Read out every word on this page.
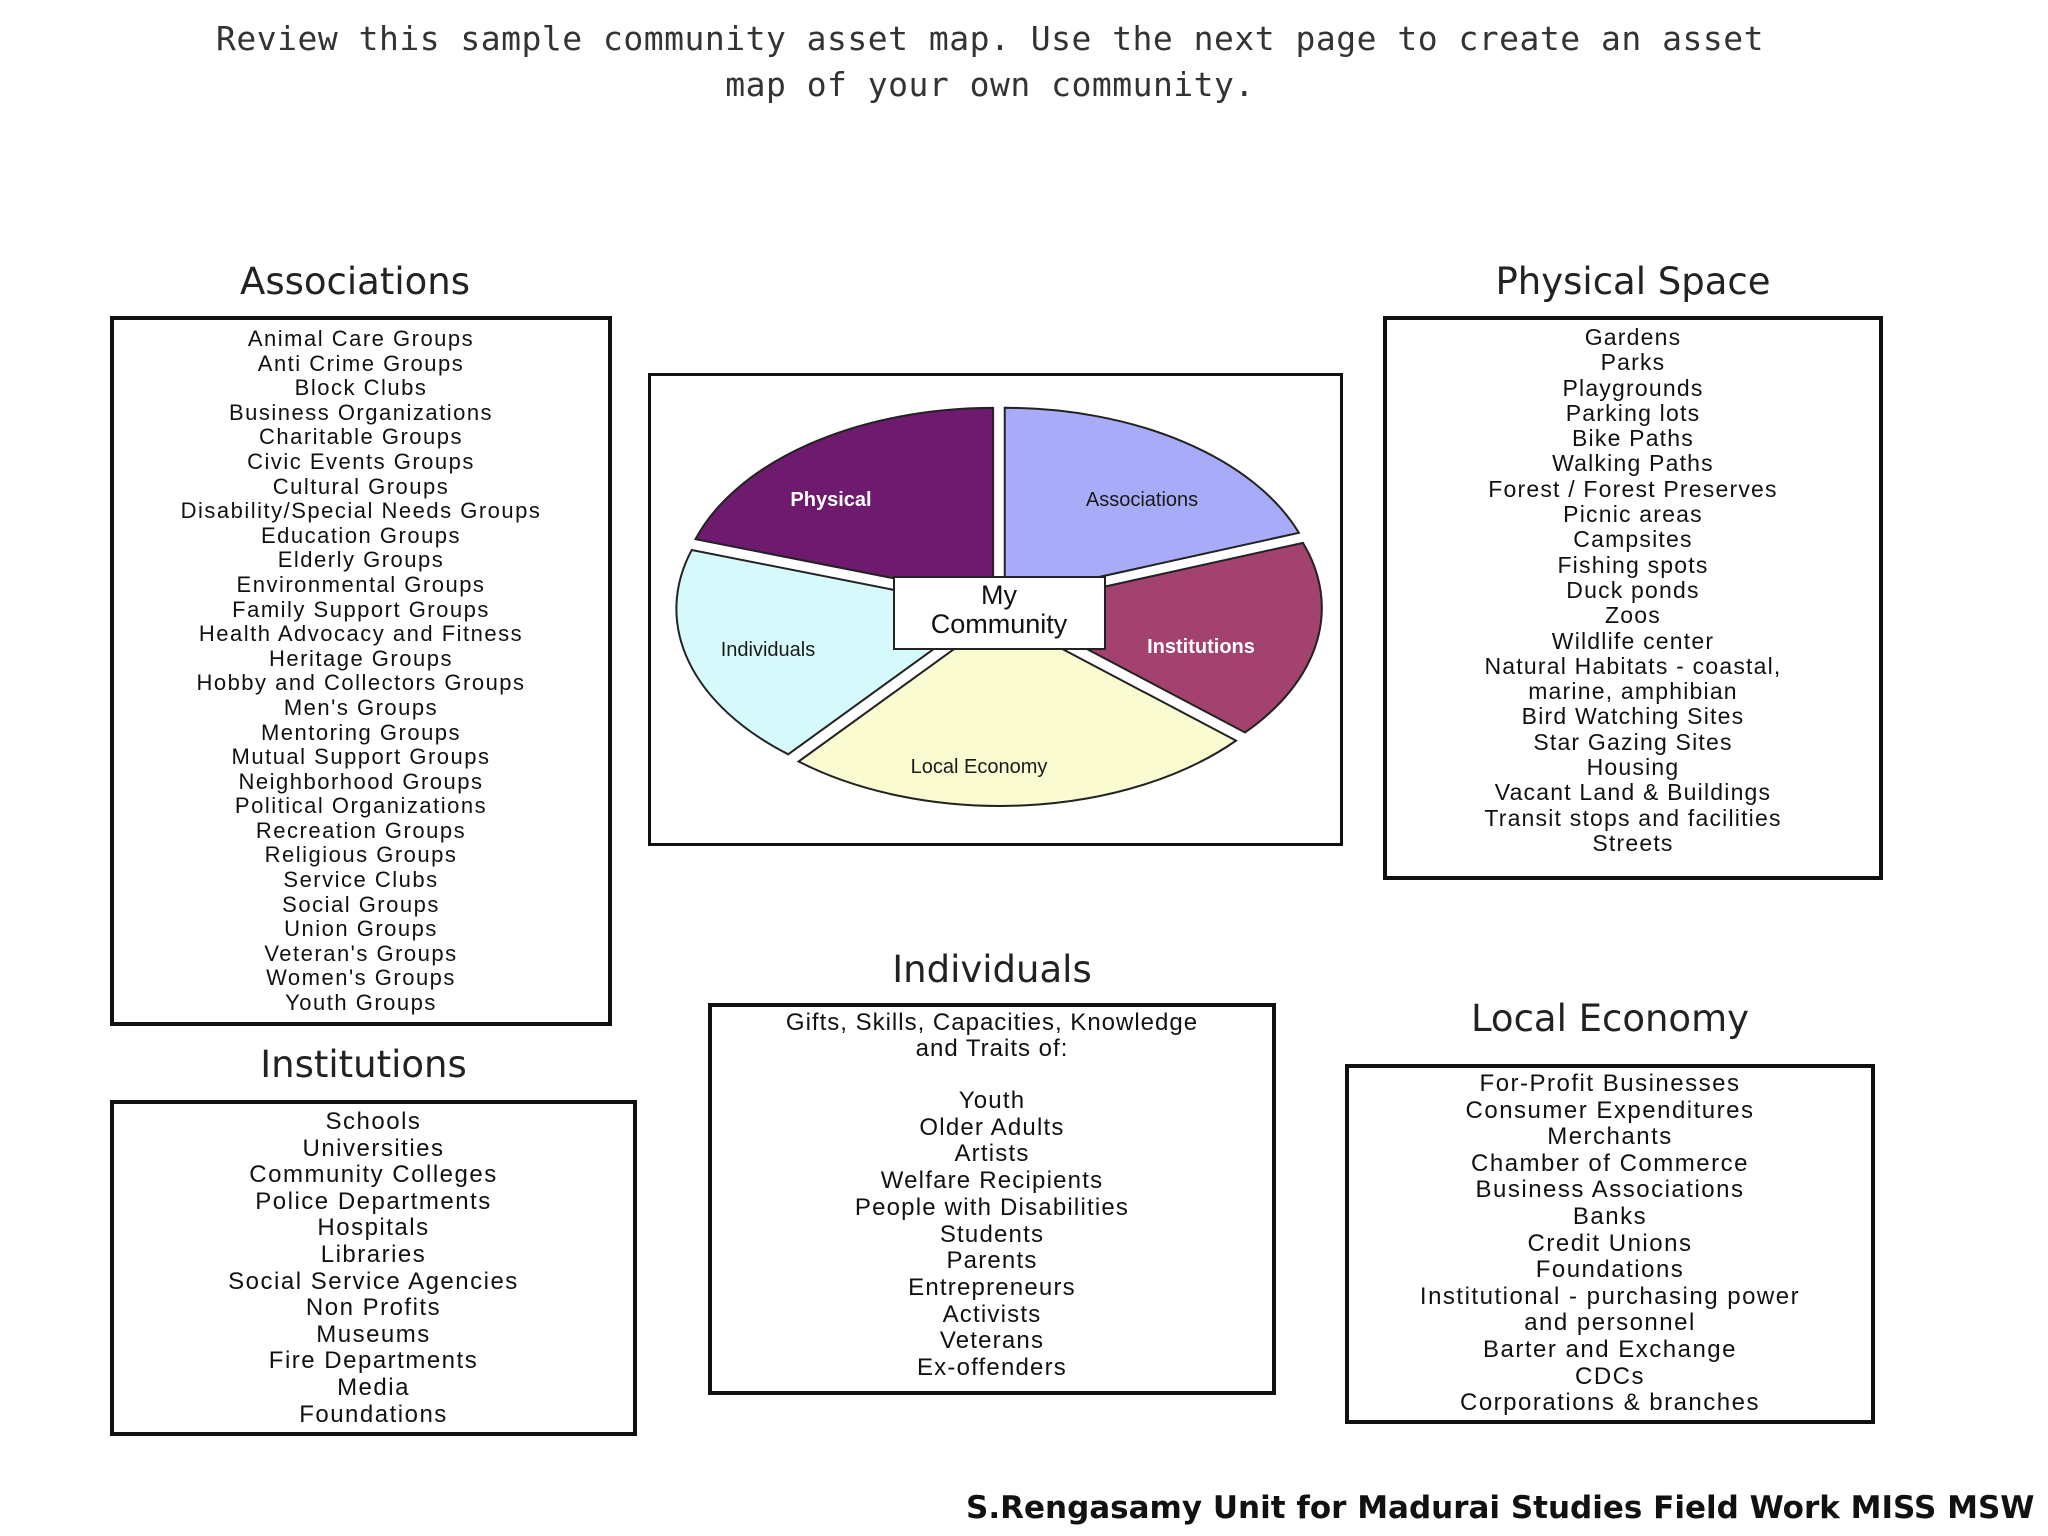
Review this sample community asset map. Use the next page to create an asset
map of your own community.
Associations
Animal Care Groups
Anti Crime Groups
Block Clubs
Business Organizations
Charitable Groups
Civic Events Groups
Cultural Groups
Disability/Special Needs Groups
Education Groups
Elderly Groups
Environmental Groups
Family Support Groups
Health Advocacy and Fitness
Heritage Groups
Hobby and Collectors Groups
Men's Groups
Mentoring Groups
Mutual Support Groups
Neighborhood Groups
Political Organizations
Recreation Groups
Religious Groups
Service Clubs
Social Groups
Union Groups
Veteran's Groups
Women's Groups
Youth Groups
Physical Space
Gardens
Parks
Playgrounds
Parking lots
Bike Paths
Walking Paths
Forest / Forest Preserves
Picnic areas
Campsites
Fishing spots
Duck ponds
Zoos
Wildlife center
Natural Habitats - coastal,
marine, amphibian
Bird Watching Sites
Star Gazing Sites
Housing
Vacant Land & Buildings
Transit stops and facilities
Streets
Physical	Associations
Institutions
Local Economy
Individuals
My
Community
Institutions
Schools
Universities
Community Colleges
Police Departments
Hospitals
Libraries
Social Service Agencies
Non Profits
Museums
Fire Departments
Media
Foundations
Individuals
Gifts, Skills, Capacities, Knowledge
and Traits of:
Youth
Older Adults
Artists
Welfare Recipients
People with Disabilities
Students
Parents
Entrepreneurs
Activists
Veterans
Ex-offenders
Local Economy
For-Profit Businesses
Consumer Expenditures
Merchants
Chamber of Commerce
Business Associations
Banks
Credit Unions
Foundations
Institutional - purchasing power
and personnel
Barter and Exchange
CDCs
Corporations & branches
S.Rengasamy Unit for Madurai Studies Field Work MISS MSW
